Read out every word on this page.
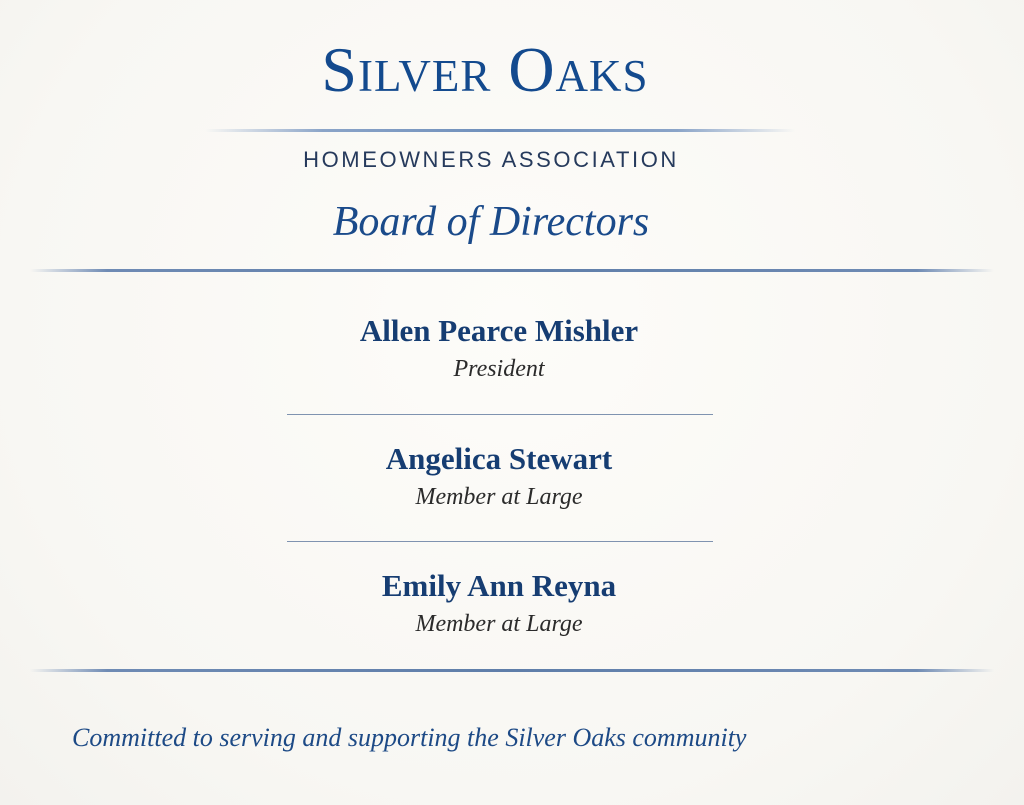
Silver Oaks
HOMEOWNERS ASSOCIATION
Board of Directors
Allen Pearce Mishler
President
Angelica Stewart
Member at Large
Emily Ann Reyna
Member at Large
Committed to serving and supporting the Silver Oaks community
